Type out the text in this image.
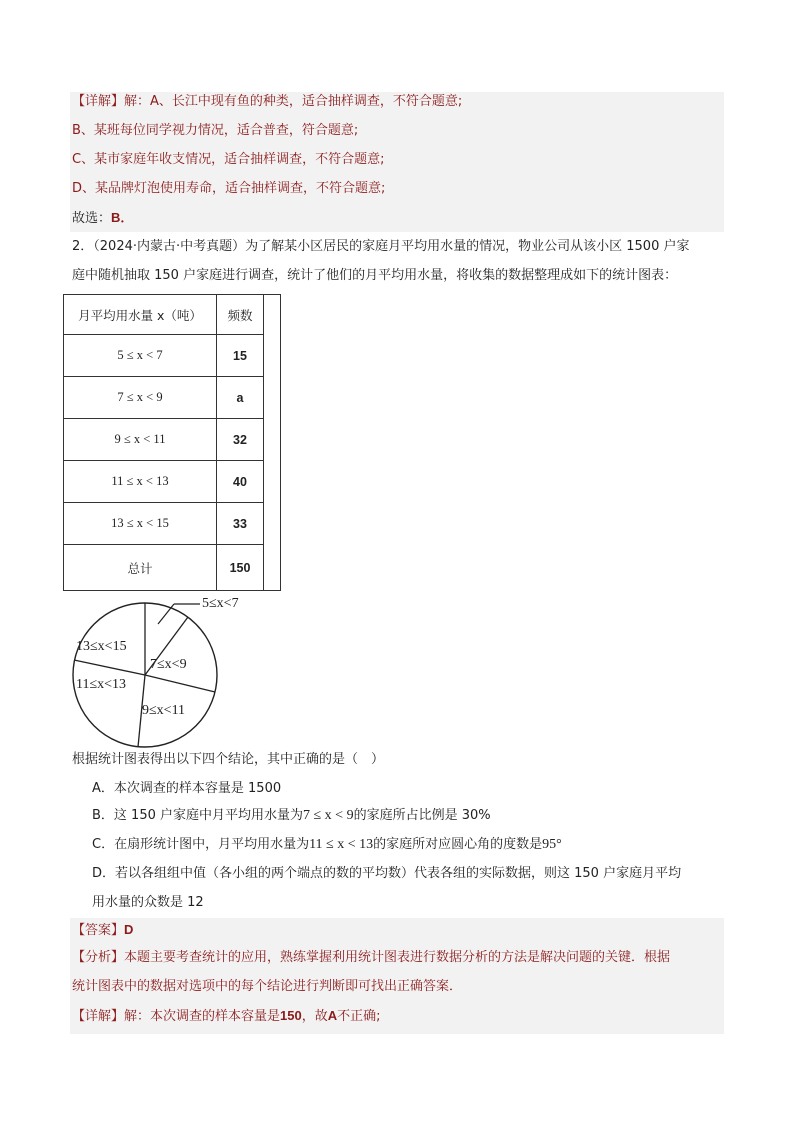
【详解】解：A、长江中现有鱼的种类，适合抽样调查，不符合题意;
B、某班每位同学视力情况，适合普查，符合题意;
C、某市家庭年收支情况，适合抽样调查，不符合题意;
D、某品牌灯泡使用寿命，适合抽样调查，不符合题意;
故选：B．
2．（2024·内蒙古·中考真题）为了解某小区居民的家庭月平均用水量的情况，物业公司从该小区 1500 户家
庭中随机抽取 150 户家庭进行调查，统计了他们的月平均用水量，将收集的数据整理成如下的统计图表：
月平均用水量 x（吨）	频数	
5 ≤ x < 7	15	
7 ≤ x < 9	a	
9 ≤ x < 11	32	
11 ≤ x < 13	40	
13 ≤ x < 15	33	
总计	150	
5≤x<7
7≤x<9
9≤x<11
11≤x<13
13≤x<15
根据统计图表得出以下四个结论，其中正确的是（　）
A．本次调查的样本容量是 1500
B．这 150 户家庭中月平均用水量为7 ≤ x < 9的家庭所占比例是 30%
C．在扇形统计图中，月平均用水量为11 ≤ x < 13的家庭所对应圆心角的度数是95°
D．若以各组组中值（各小组的两个端点的数的平均数）代表各组的实际数据，则这 150 户家庭月平均
用水量的众数是 12
【答案】D
【分析】本题主要考查统计的应用，熟练掌握利用统计图表进行数据分析的方法是解决问题的关键．根据
统计图表中的数据对选项中的每个结论进行判断即可找出正确答案．
【详解】解：本次调查的样本容量是150，故A不正确;
